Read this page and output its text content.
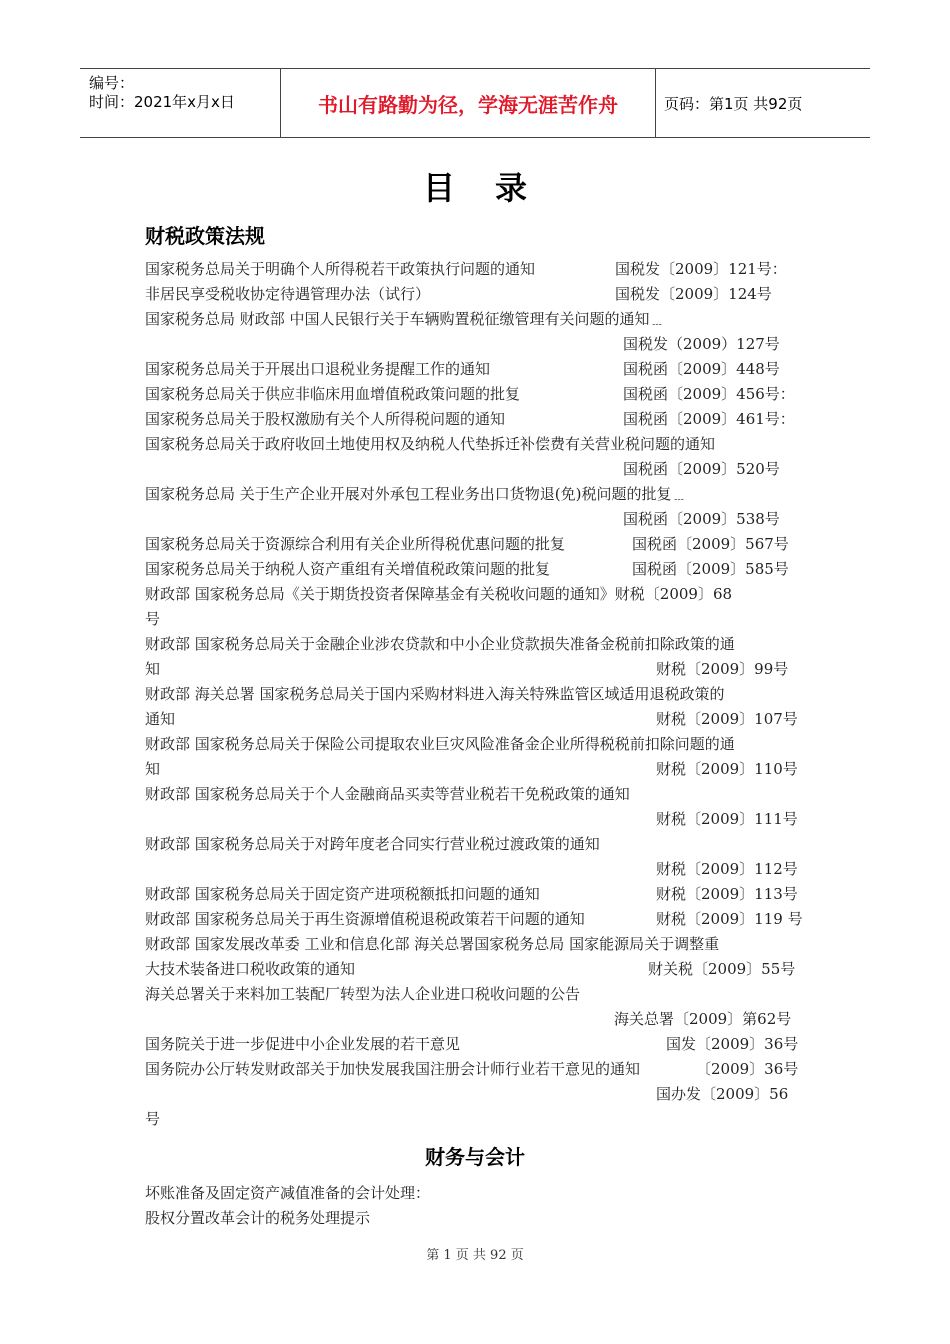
编号：
时间：2021年x月x日	书山有路勤为径，学海无涯苦作舟	页码：第1页 共92页
目录
财税政策法规
国家税务总局关于明确个人所得税若干政策执行问题的通知	国税发〔2009〕121号：
非居民享受税收协定待遇管理办法（试行）	国税发〔2009〕124号
国家税务总局 财政部 中国人民银行关于车辆购置税征缴管理有关问题的通知﹍
国税发（2009）127号
国家税务总局关于开展出口退税业务提醒工作的通知	国税函〔2009〕448号
国家税务总局关于供应非临床用血增值税政策问题的批复	国税函〔2009〕456号：
国家税务总局关于股权激励有关个人所得税问题的通知	国税函〔2009〕461号：
国家税务总局关于政府收回土地使用权及纳税人代垫拆迁补偿费有关营业税问题的通知
国税函〔2009〕520号
国家税务总局 关于生产企业开展对外承包工程业务出口货物退(免)税问题的批复﹍
国税函〔2009〕538号
国家税务总局关于资源综合利用有关企业所得税优惠问题的批复	国税函〔2009〕567号
国家税务总局关于纳税人资产重组有关增值税政策问题的批复	国税函〔2009〕585号
财政部 国家税务总局《关于期货投资者保障基金有关税收问题的通知》财税〔2009〕68
号
财政部 国家税务总局关于金融企业涉农贷款和中小企业贷款损失准备金税前扣除政策的通
知	财税〔2009〕99号
财政部 海关总署 国家税务总局关于国内采购材料进入海关特殊监管区域适用退税政策的
通知	财税〔2009〕107号
财政部 国家税务总局关于保险公司提取农业巨灾风险准备金企业所得税税前扣除问题的通
知	财税〔2009〕110号
财政部 国家税务总局关于个人金融商品买卖等营业税若干免税政策的通知
财税〔2009〕111号
财政部 国家税务总局关于对跨年度老合同实行营业税过渡政策的通知
财税〔2009〕112号
财政部 国家税务总局关于固定资产进项税额抵扣问题的通知	财税〔2009〕113号
财政部 国家税务总局关于再生资源增值税退税政策若干问题的通知	财税〔2009〕119 号
财政部 国家发展改革委 工业和信息化部 海关总署国家税务总局 国家能源局关于调整重
大技术装备进口税收政策的通知	财关税〔2009〕55号
海关总署关于来料加工装配厂转型为法人企业进口税收问题的公告
海关总署〔2009〕第62号
国务院关于进一步促进中小企业发展的若干意见	国发〔2009〕36号
国务院办公厅转发财政部关于加快发展我国注册会计师行业若干意见的通知	〔2009〕36号
国办发〔2009〕56
号
财务与会计
坏账准备及固定资产减值准备的会计处理：
股权分置改革会计的税务处理提示
第 1 页 共 92 页
